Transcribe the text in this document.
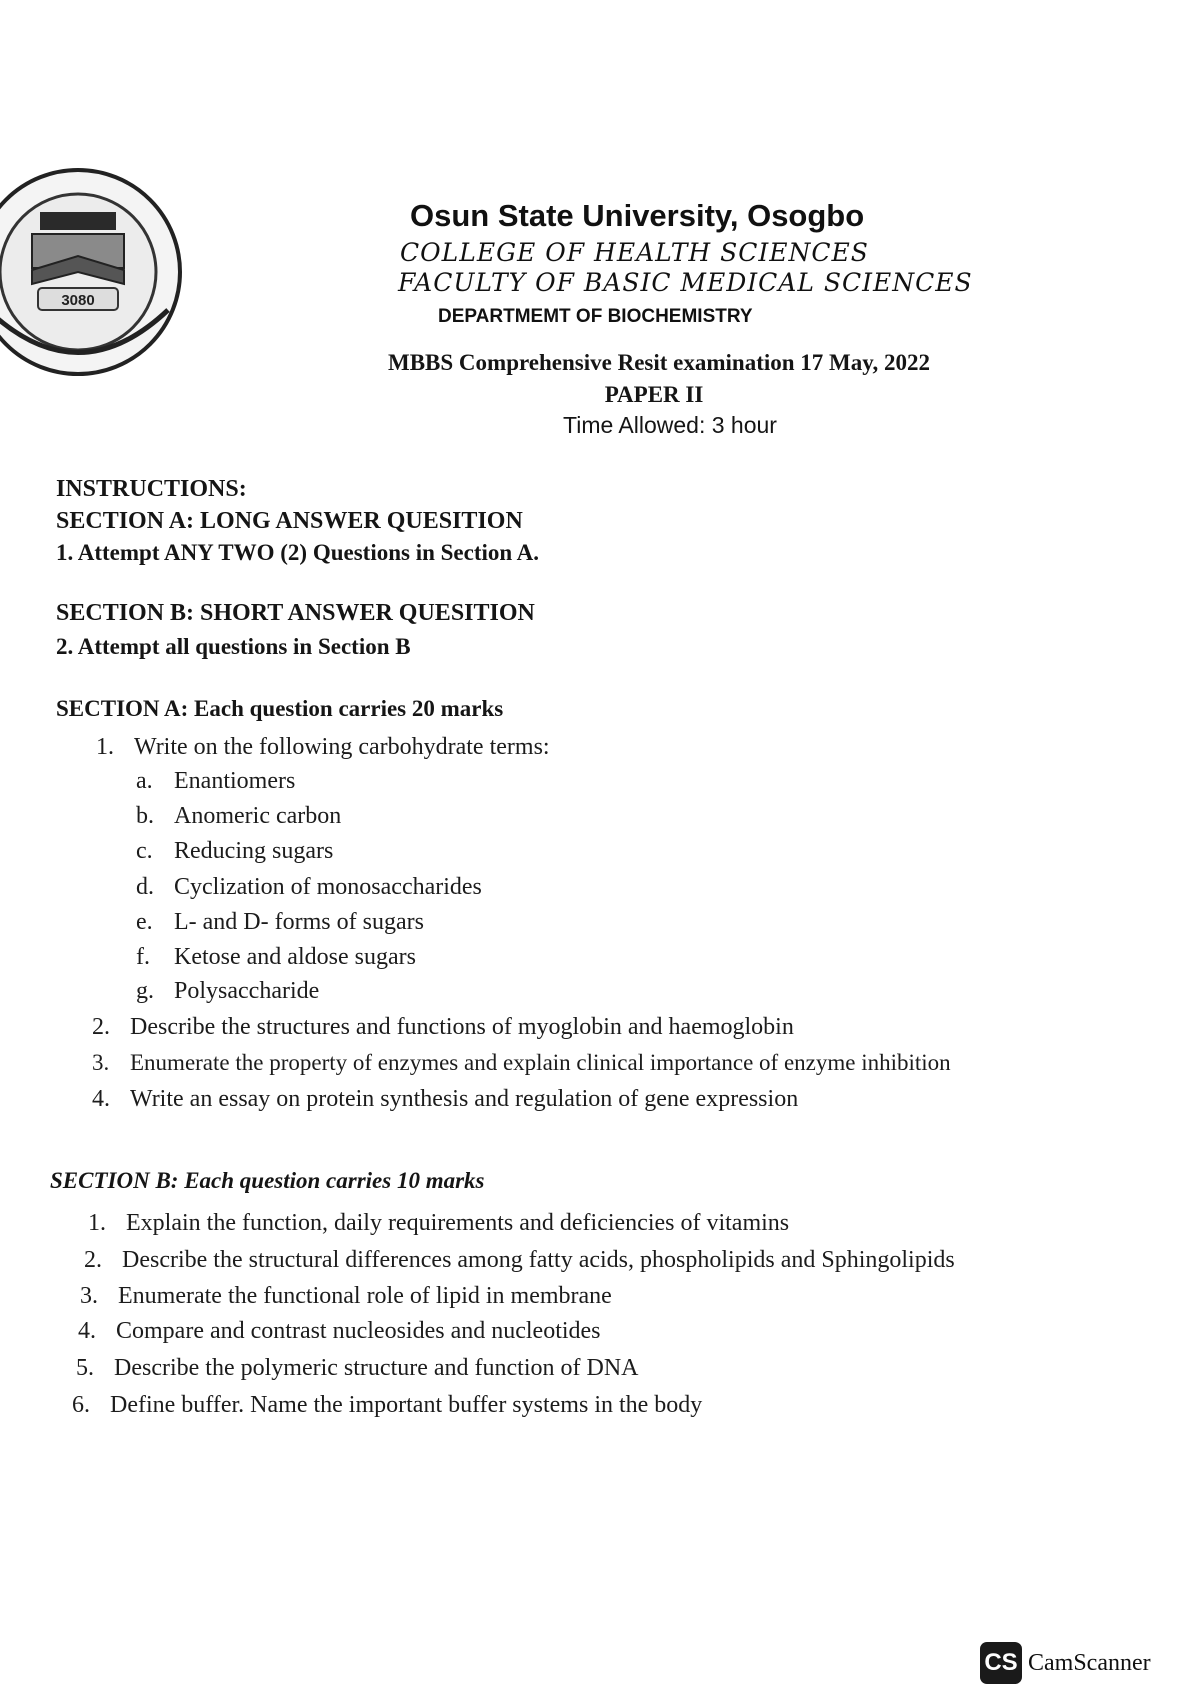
3080
Osun State University, Osogbo
COLLEGE OF HEALTH SCIENCES
FACULTY OF BASIC MEDICAL SCIENCES
DEPARTMEMT OF BIOCHEMISTRY
MBBS Comprehensive Resit examination 17 May, 2022
PAPER II
Time Allowed: 3 hour
INSTRUCTIONS:
SECTION A: LONG ANSWER QUESITION
1. Attempt ANY TWO (2) Questions in Section A.
SECTION B: SHORT ANSWER QUESITION
2. Attempt all questions in Section B
SECTION A: Each question carries 20 marks
1. Write on the following carbohydrate terms:
a. Enantiomers
b. Anomeric carbon
c. Reducing sugars
d. Cyclization of monosaccharides
e. L- and D- forms of sugars
f. Ketose and aldose sugars
g. Polysaccharide
2. Describe the structures and functions of myoglobin and haemoglobin
3. Enumerate the property of enzymes and explain clinical importance of enzyme inhibition
4. Write an essay on protein synthesis and regulation of gene expression
SECTION B: Each question carries 10 marks
1. Explain the function, daily requirements and deficiencies of vitamins
2. Describe the structural differences among fatty acids, phospholipids and Sphingolipids
3. Enumerate the functional role of lipid in membrane
4. Compare and contrast nucleosides and nucleotides
5. Describe the polymeric structure and function of DNA
6. Define buffer. Name the important buffer systems in the body
CS CamScanner
